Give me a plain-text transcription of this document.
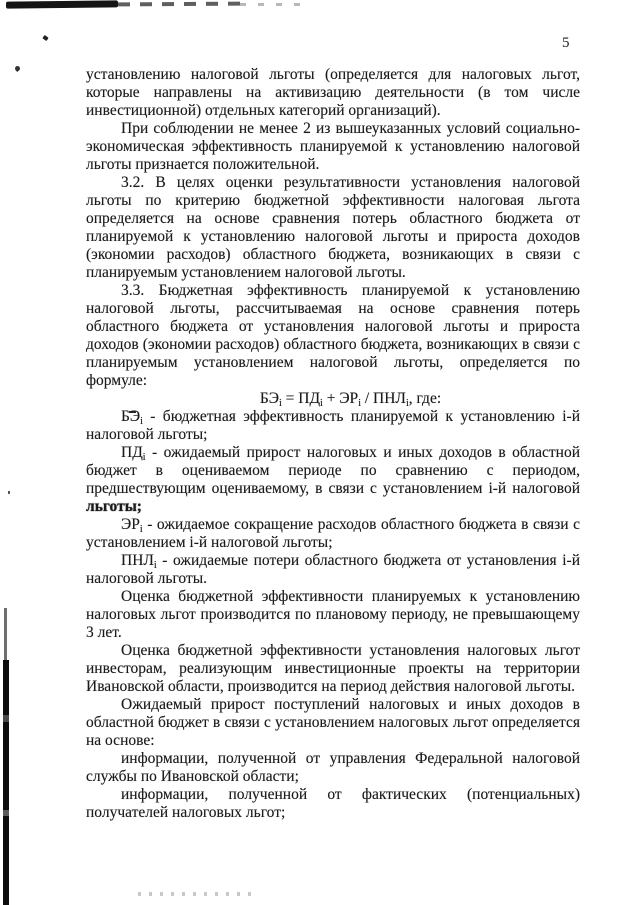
5

установлению налоговой льготы (определяется для налоговых льгот, которые направлены на активизацию деятельности (в том числе инвестиционной) отдельных категорий организаций).

При соблюдении не менее 2 из вышеуказанных условий социально-экономическая эффективность планируемой к установлению налоговой льготы признается положительной.

3.2. В целях оценки результативности установления налоговой льготы по критерию бюджетной эффективности налоговая льгота определяется на основе сравнения потерь областного бюджета от планируемой к установлению налоговой льготы и прироста доходов (экономии расходов) областного бюджета, возникающих в связи с планируемым установлением налоговой льготы.

3.3. Бюджетная эффективность планируемой к установлению налоговой льготы, рассчитываемая на основе сравнения потерь областного бюджета от установления налоговой льготы и прироста доходов (экономии расходов) областного бюджета, возникающих в связи с планируемым установлением налоговой льготы, определяется по формуле:

$БЭ_i = ПД_i + ЭР_i / ПНЛ_i$, где:

$БЭ_i$ - бюджетная эффективность планируемой к установлению i-й налоговой льготы;

$ПД_i$ - ожидаемый прирост налоговых и иных доходов в областной бюджет в оцениваемом периоде по сравнению с периодом, предшествующим оцениваемому, в связи с установлением i-й налоговой льготы;

$ЭР_i$ - ожидаемое сокращение расходов областного бюджета в связи с установлением i-й налоговой льготы;

$ПНЛ_i$ - ожидаемые потери областного бюджета от установления i-й налоговой льготы.

Оценка бюджетной эффективности планируемых к установлению налоговых льгот производится по плановому периоду, не превышающему 3 лет.

Оценка бюджетной эффективности установления налоговых льгот инвесторам, реализующим инвестиционные проекты на территории Ивановской области, производится на период действия налоговой льготы.

Ожидаемый прирост поступлений налоговых и иных доходов в областной бюджет в связи с установлением налоговых льгот определяется на основе:

информации, полученной от управления Федеральной налоговой службы по Ивановской области;

информации, полученной от фактических (потенциальных) получателей налоговых льгот;
